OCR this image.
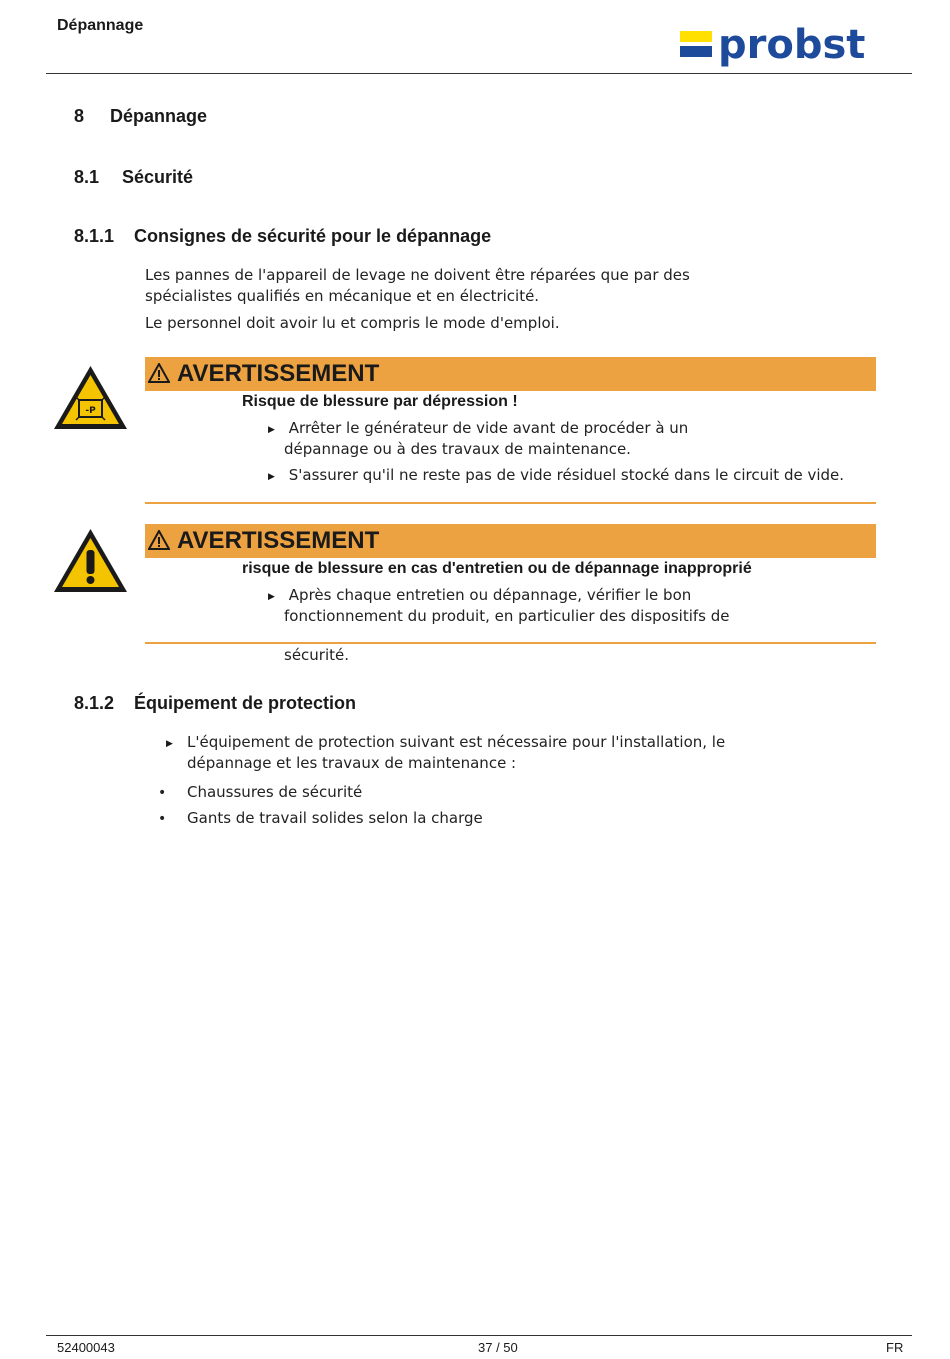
Dépannage	probst
8 Dépannage
8.1 Sécurité
8.1.1 Consignes de sécurité pour le dépannage
Les pannes de l'appareil de levage ne doivent être réparées que par des
spécialistes qualifiés en mécanique et en électricité.
Le personnel doit avoir lu et compris le mode d'emploi.
-P
AVERTISSEMENT
Risque de blessure par dépression !
▶ Arrêter le générateur de vide avant de procéder à un
dépannage ou à des travaux de maintenance.
▶ S'assurer qu'il ne reste pas de vide résiduel stocké dans le circuit de vide.
AVERTISSEMENT
risque de blessure en cas d'entretien ou de dépannage inapproprié
▶ Après chaque entretien ou dépannage, vérifier le bon
fonctionnement du produit, en particulier des dispositifs de
sécurité.
8.1.2 Équipement de protection
▶ L'équipement de protection suivant est nécessaire pour l'installation, le
dépannage et les travaux de maintenance :
• Chaussures de sécurité
• Gants de travail solides selon la charge
52400043	37 / 50	FR
